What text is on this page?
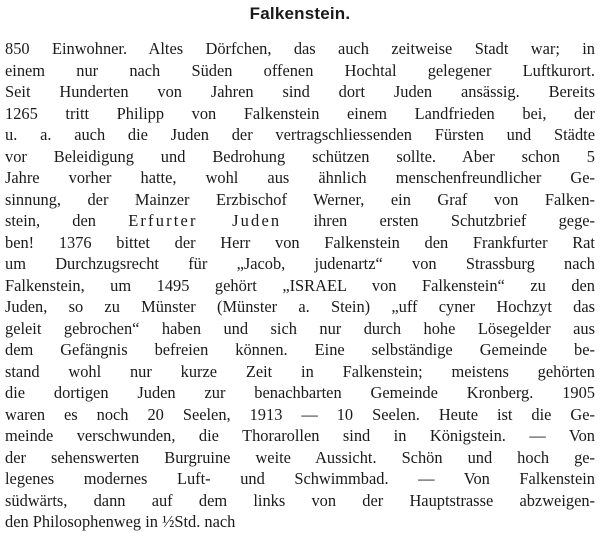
Falkenstein.
850 Einwohner. Altes Dörfchen, das auch zeitweise Stadt war; in
einem nur nach Süden offenen Hochtal gelegener Luftkurort.
Seit Hunderten von Jahren sind dort Juden ansässig. Bereits
1265 tritt Philipp von Falkenstein einem Landfrieden bei, der
u. a. auch die Juden der vertragschliessenden Fürsten und Städte
vor Beleidigung und Bedrohung schützen sollte. Aber schon 5
Jahre vorher hatte, wohl aus ähnlich menschenfreundlicher Ge-
sinnung, der Mainzer Erzbischof Werner, ein Graf von Falken-
stein, den Erfurter Juden ihren ersten Schutzbrief gege-
ben! 1376 bittet der Herr von Falkenstein den Frankfurter Rat
um Durchzugsrecht für „Jacob, judenartz“ von Strassburg nach
Falkenstein, um 1495 gehört „ISRAEL von Falkenstein“ zu den
Juden, so zu Münster (Münster a. Stein) „uff cyner Hochzyt das
geleit gebrochen“ haben und sich nur durch hohe Lösegelder aus
dem Gefängnis befreien können. Eine selbständige Gemeinde be-
stand wohl nur kurze Zeit in Falkenstein; meistens gehörten
die dortigen Juden zur benachbarten Gemeinde Kronberg. 1905
waren es noch 20 Seelen, 1913 — 10 Seelen. Heute ist die Ge-
meinde verschwunden, die Thorarollen sind in Königstein. — Von
der sehenswerten Burgruine weite Aussicht. Schön und hoch ge-
legenes modernes Luft- und Schwimmbad. — Von Falkenstein
südwärts, dann auf dem links von der Hauptstrasse abzweigen-
den Philosophenweg in ½Std. nach
